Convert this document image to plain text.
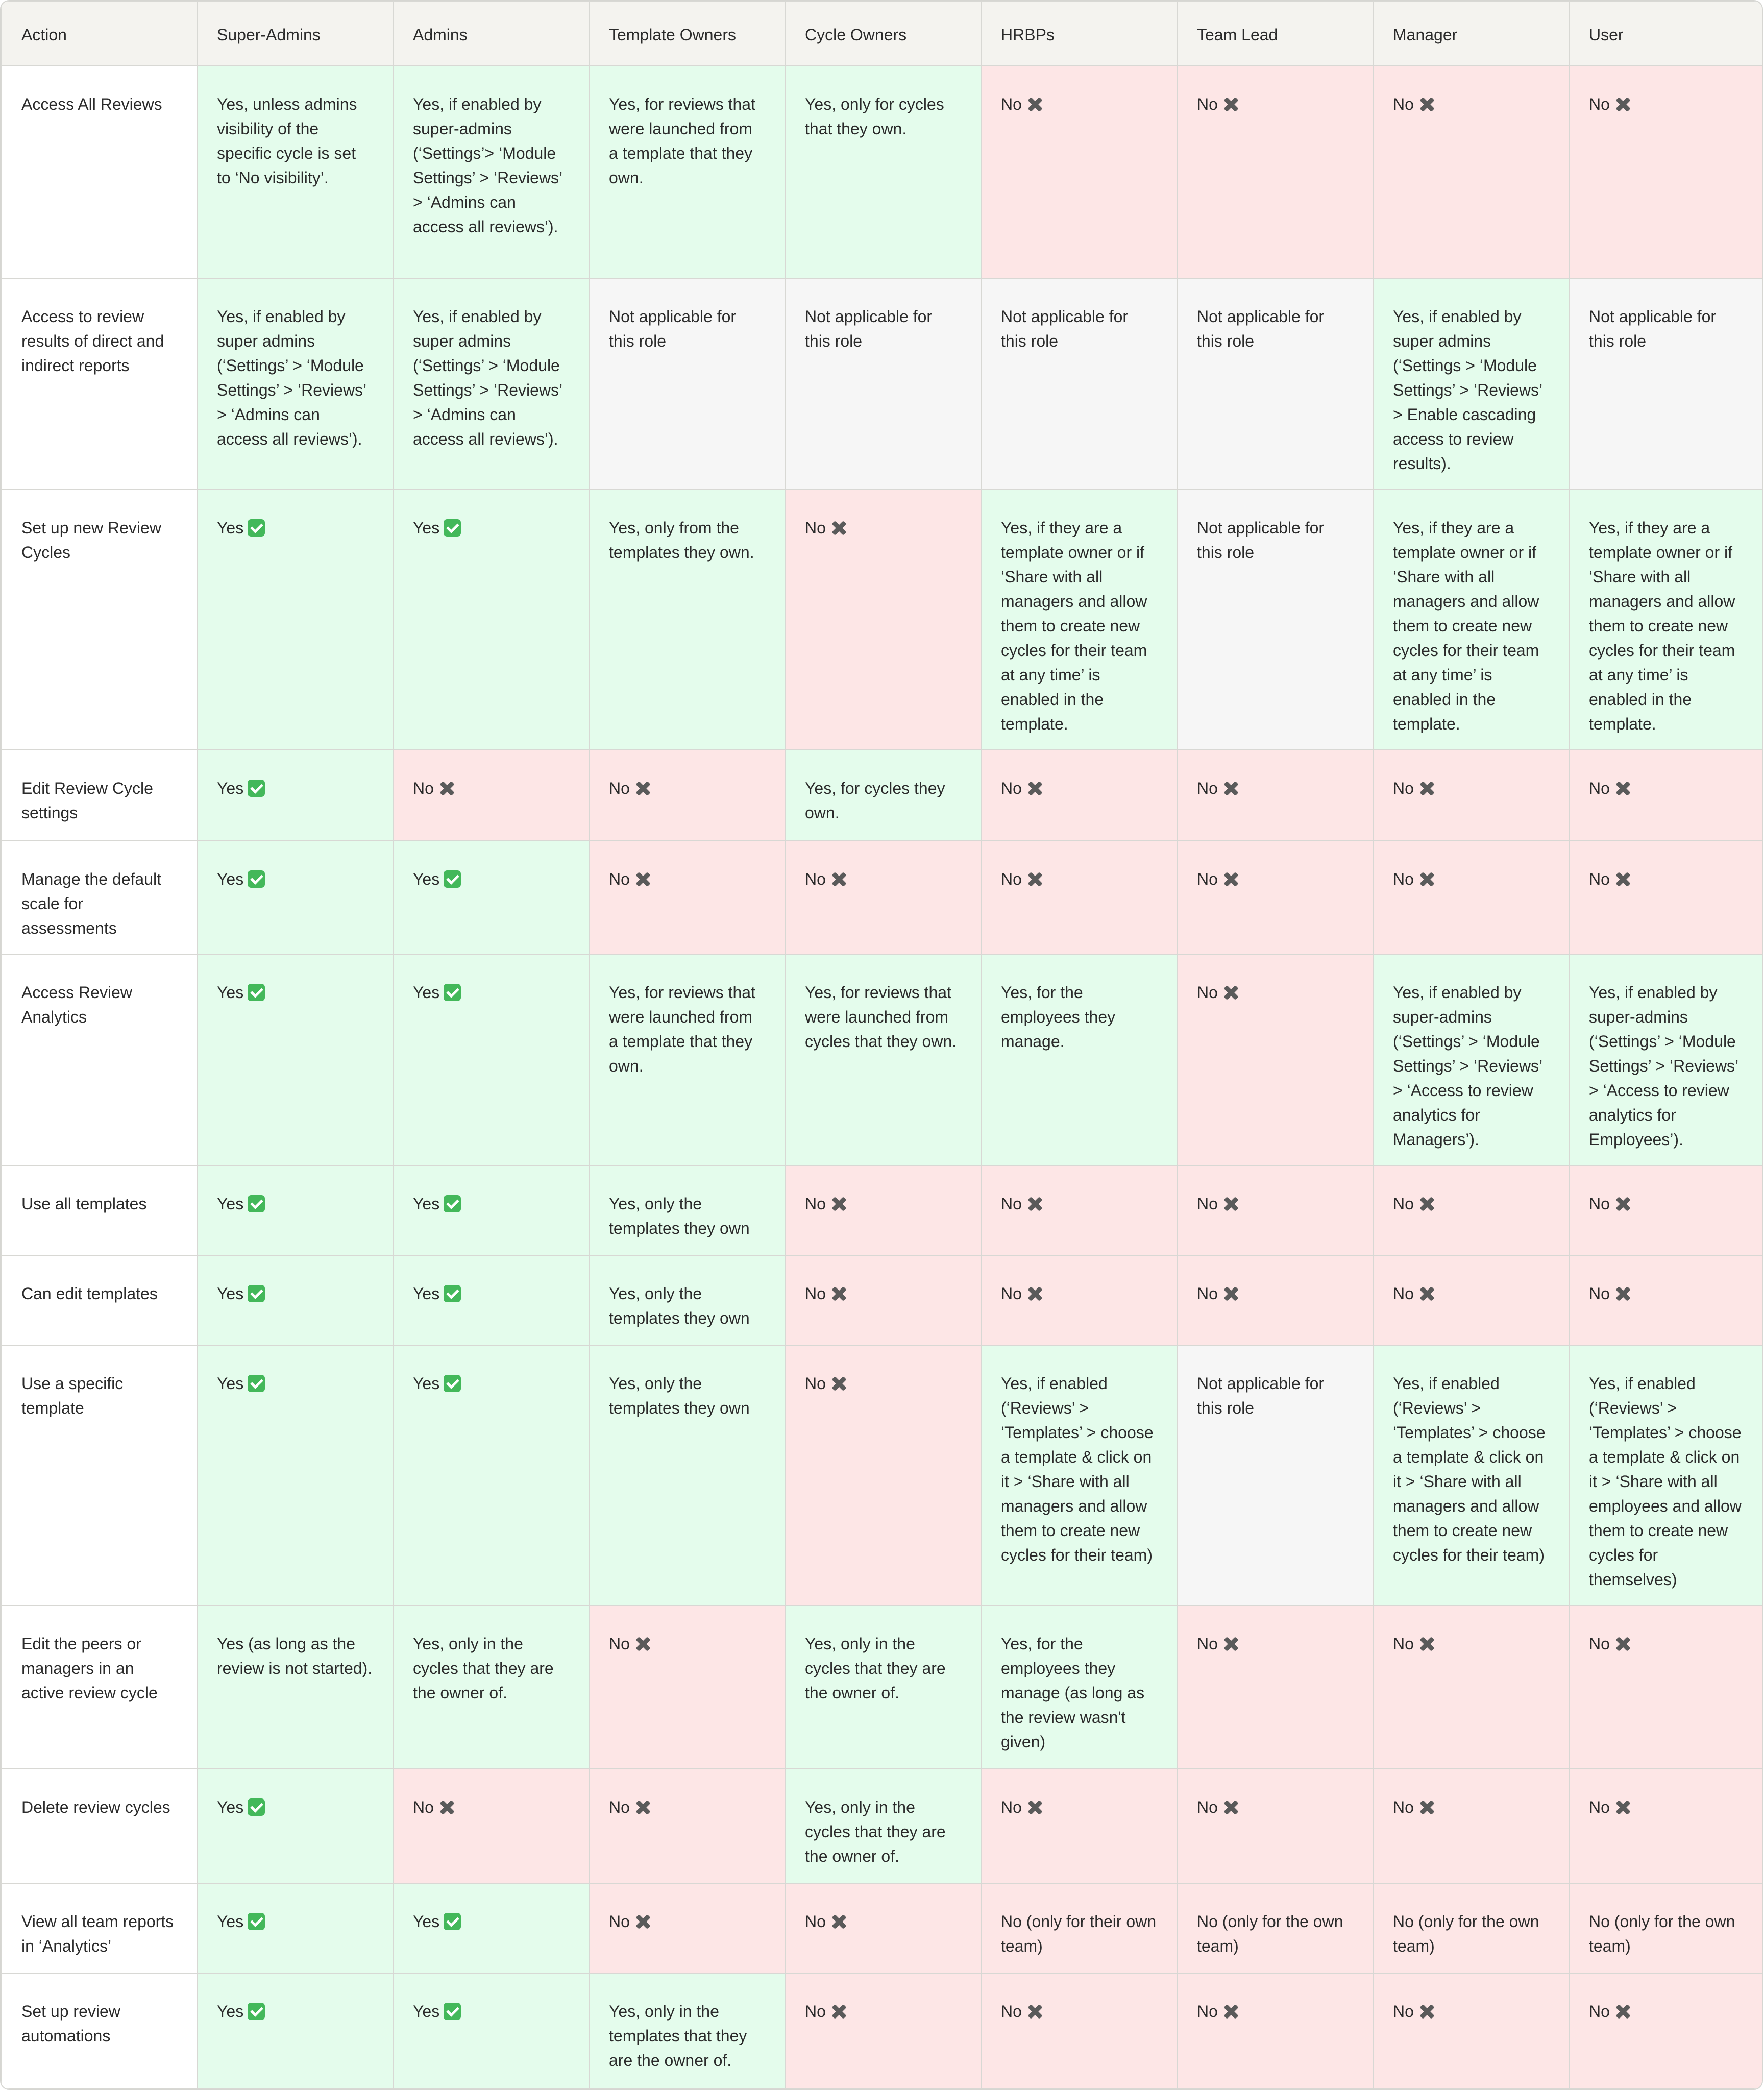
Action	Super-Admins	Admins	Template Owners	Cycle Owners	HRBPs	Team Lead	Manager	User
Access All Reviews	Yes, unless admins visibility of the specific cycle is set to ‘No visibility’.	Yes, if enabled by super-admins (‘Settings’> ‘Module Settings’ > ‘Reviews’ > ‘Admins can access all reviews’).	Yes, for reviews that were launched from a template that they own.	Yes, only for cycles that they own.	No	No	No	No
Access to review results of direct and indirect reports	Yes, if enabled by super admins (‘Settings’ > ‘Module Settings’ > ‘Reviews’ > ‘Admins can access all reviews’).	Yes, if enabled by super admins (‘Settings’ > ‘Module Settings’ > ‘Reviews’ > ‘Admins can access all reviews’).	Not applicable for this role	Not applicable for this role	Not applicable for this role	Not applicable for this role	Yes, if enabled by super admins (‘Settings > ‘Module Settings’ > ‘Reviews’ > Enable cascading access to review results).	Not applicable for this role
Set up new Review Cycles	Yes	Yes	Yes, only from the templates they own.	No	Yes, if they are a template owner or if ‘Share with all managers and allow them to create new cycles for their team at any time’ is enabled in the template.	Not applicable for this role	Yes, if they are a template owner or if ‘Share with all managers and allow them to create new cycles for their team at any time’ is enabled in the template.	Yes, if they are a template owner or if ‘Share with all managers and allow them to create new cycles for their team at any time’ is enabled in the template.
Edit Review Cycle settings	Yes	No	No	Yes, for cycles they own.	No	No	No	No
Manage the default scale for assessments	Yes	Yes	No	No	No	No	No	No
Access Review Analytics	Yes	Yes	Yes, for reviews that were launched from a template that they own.	Yes, for reviews that were launched from cycles that they own.	Yes, for the employees they manage.	No	Yes, if enabled by super-admins (‘Settings’ > ‘Module Settings’ > ‘Reviews’ > ‘Access to review analytics for Managers’).	Yes, if enabled by super-admins (‘Settings’ > ‘Module Settings’ > ‘Reviews’ > ‘Access to review analytics for Employees’).
Use all templates	Yes	Yes	Yes, only the templates they own	No	No	No	No	No
Can edit templates	Yes	Yes	Yes, only the templates they own	No	No	No	No	No
Use a specific template	Yes	Yes	Yes, only the templates they own	No	Yes, if enabled (‘Reviews’ > ‘Templates’ > choose a template & click on it > ‘Share with all managers and allow them to create new cycles for their team)	Not applicable for this role	Yes, if enabled (‘Reviews’ > ‘Templates’ > choose a template & click on it > ‘Share with all managers and allow them to create new cycles for their team)	Yes, if enabled (‘Reviews’ > ‘Templates’ > choose a template & click on it > ‘Share with all employees and allow them to create new cycles for themselves)
Edit the peers or managers in an active review cycle	Yes (as long as the review is not started).	Yes, only in the cycles that they are the owner of.	No	Yes, only in the cycles that they are the owner of.	Yes, for the employees they manage (as long as the review wasn't given)	No	No	No
Delete review cycles	Yes	No	No	Yes, only in the cycles that they are the owner of.	No	No	No	No
View all team reports in ‘Analytics’	Yes	Yes	No	No	No (only for their own team)	No (only for the own team)	No (only for the own team)	No (only for the own team)
Set up review automations	Yes	Yes	Yes, only in the templates that they are the owner of.	No	No	No	No	No
